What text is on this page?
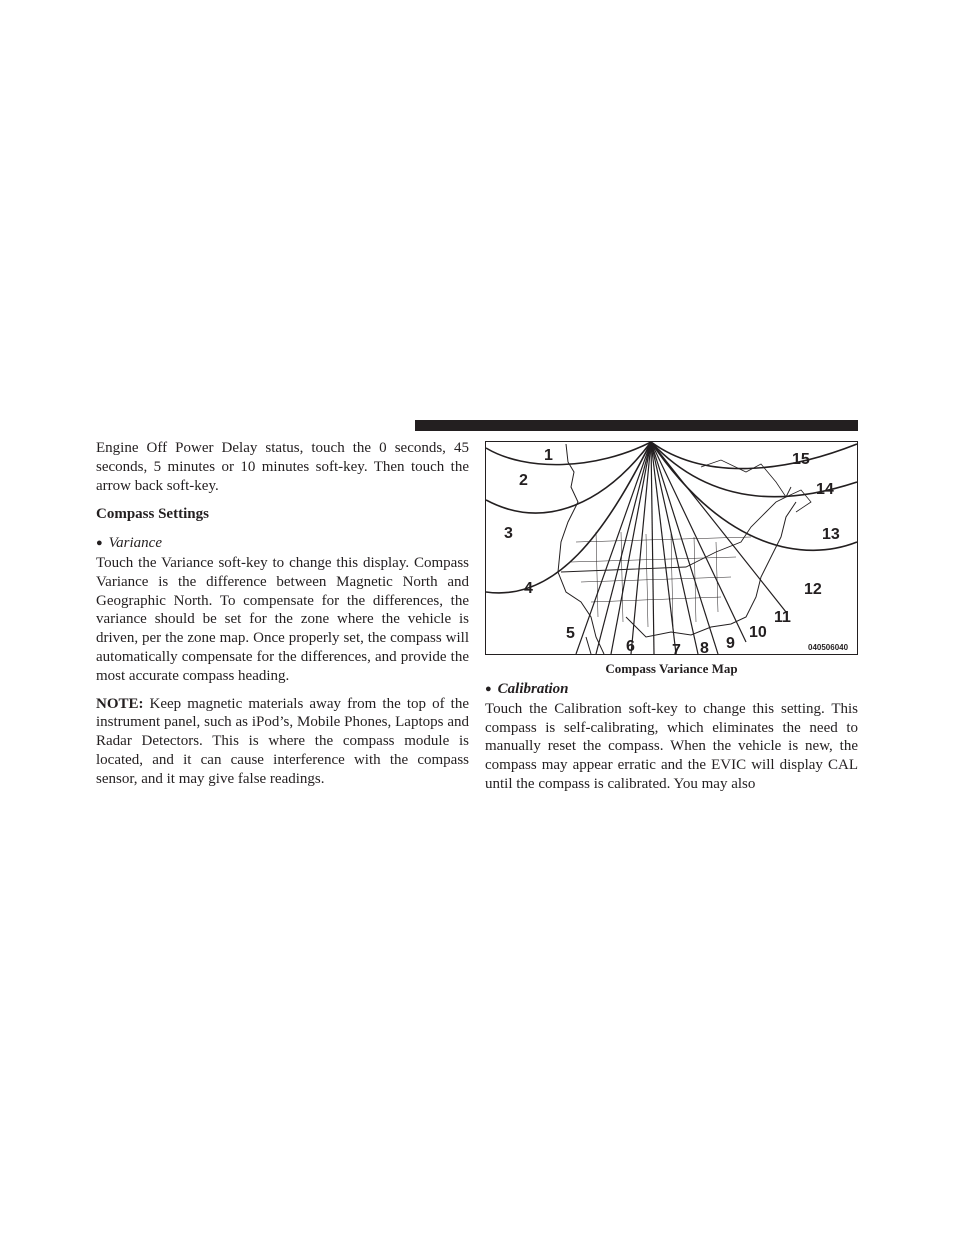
Engine Off Power Delay status, touch the 0 seconds, 45 seconds, 5 minutes or 10 minutes soft-key. Then touch the arrow back soft-key.

Compass Settings

● Variance

Touch the Variance soft-key to change this display. Compass Variance is the difference between Magnetic North and Geographic North. To compensate for the differences, the variance should be set for the zone where the vehicle is driven, per the zone map. Once properly set, the compass will automatically compensate for the differences, and provide the most accurate compass heading.

NOTE: Keep magnetic materials away from the top of the instrument panel, such as iPod’s, Mobile Phones, Laptops and Radar Detectors. This is where the compass module is located, and it can cause interference with the compass sensor, and it may give false readings.

1
2
3
4
5
6 7 8 9
10
11
12
13
14
15
040506040

Compass Variance Map

● Calibration

Touch the Calibration soft-key to change this setting. This compass is self-calibrating, which eliminates the need to manually reset the compass. When the vehicle is new, the compass may appear erratic and the EVIC will display CAL until the compass is calibrated. You may also
